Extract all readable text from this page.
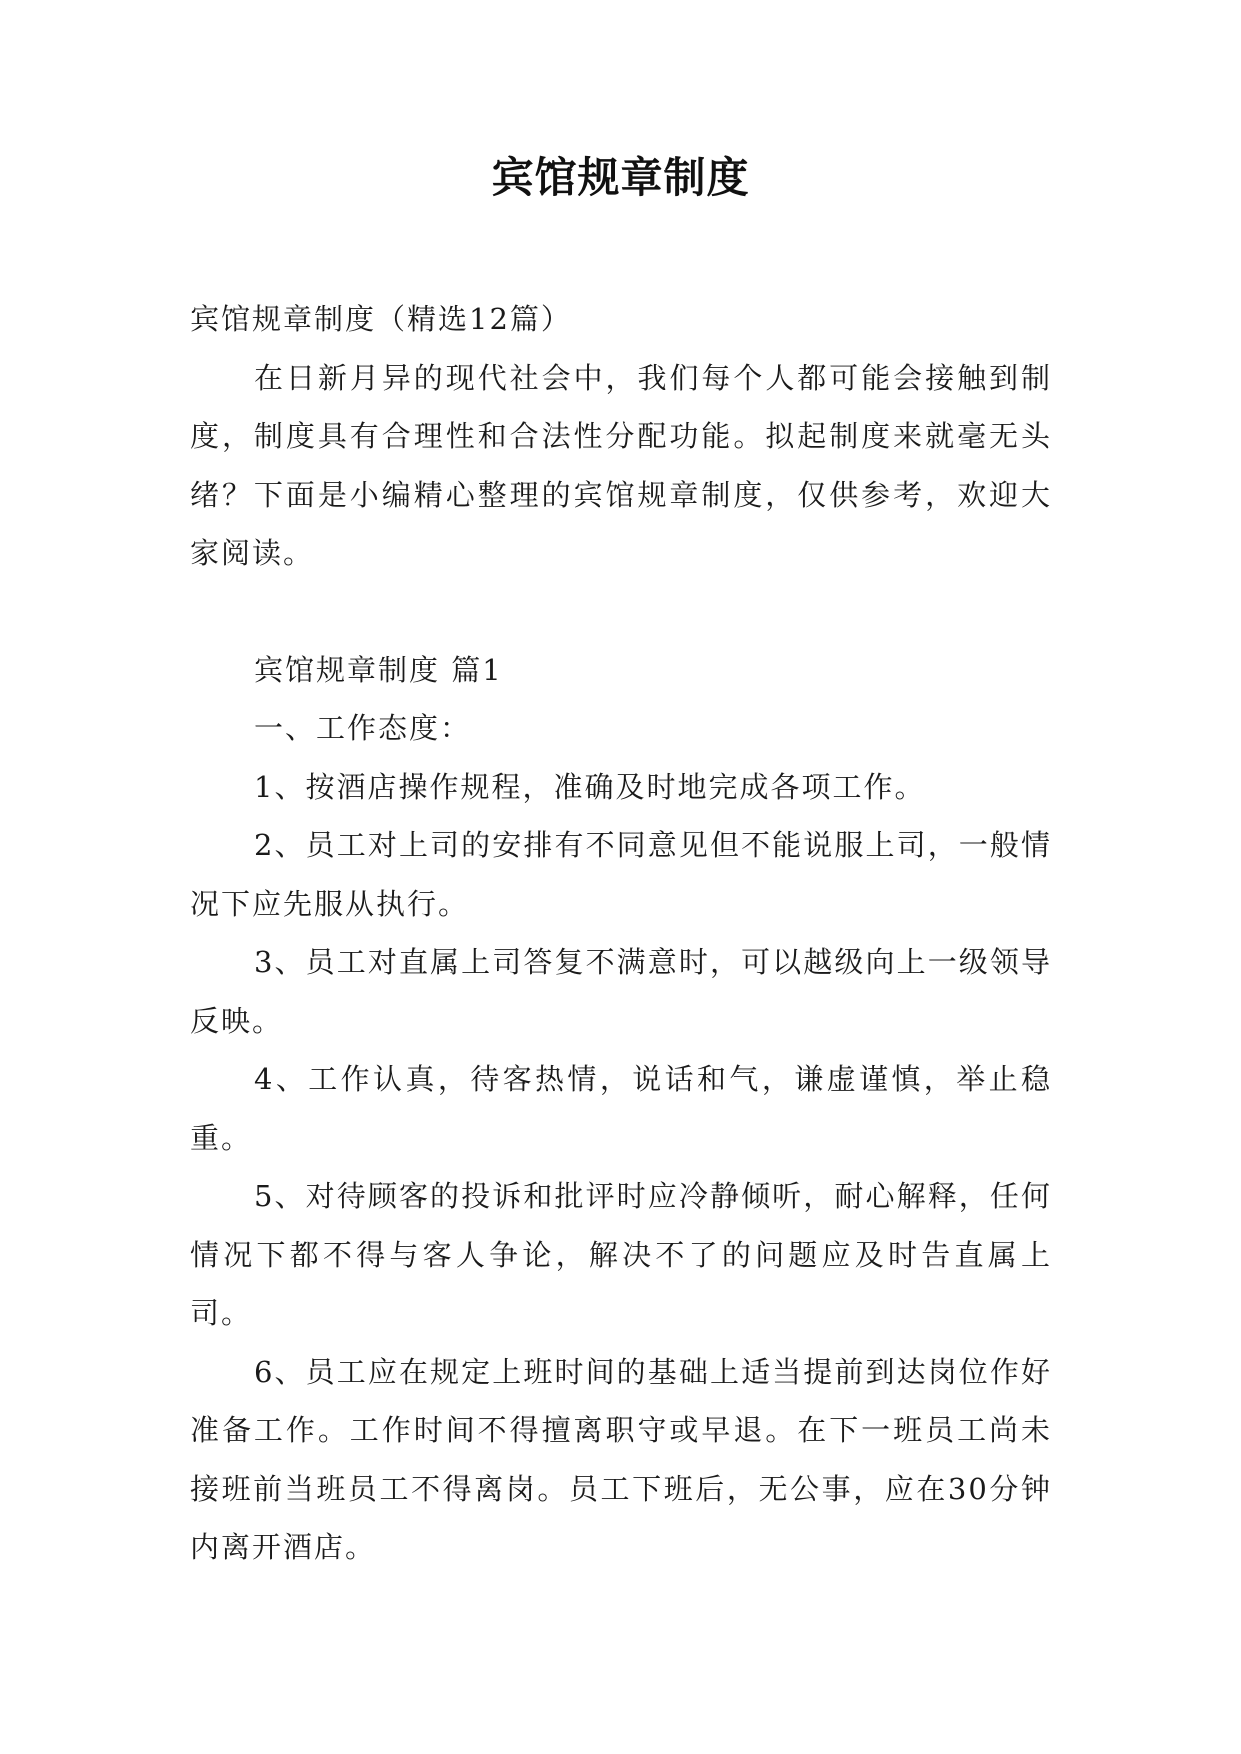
宾馆规章制度

宾馆规章制度（精选12篇）

在日新月异的现代社会中，我们每个人都可能会接触到制度，制度具有合理性和合法性分配功能。拟起制度来就毫无头绪？下面是小编精心整理的宾馆规章制度，仅供参考，欢迎大家阅读。

宾馆规章制度 篇1

一、工作态度：

1、按酒店操作规程，准确及时地完成各项工作。

2、员工对上司的安排有不同意见但不能说服上司，一般情况下应先服从执行。

3、员工对直属上司答复不满意时，可以越级向上一级领导反映。

4、工作认真，待客热情，说话和气，谦虚谨慎，举止稳重。

5、对待顾客的投诉和批评时应冷静倾听，耐心解释，任何情况下都不得与客人争论，解决不了的问题应及时告直属上司。

6、员工应在规定上班时间的基础上适当提前到达岗位作好准备工作。工作时间不得擅离职守或早退。在下一班员工尚未接班前当班员工不得离岗。员工下班后，无公事，应在30分钟内离开酒店。
